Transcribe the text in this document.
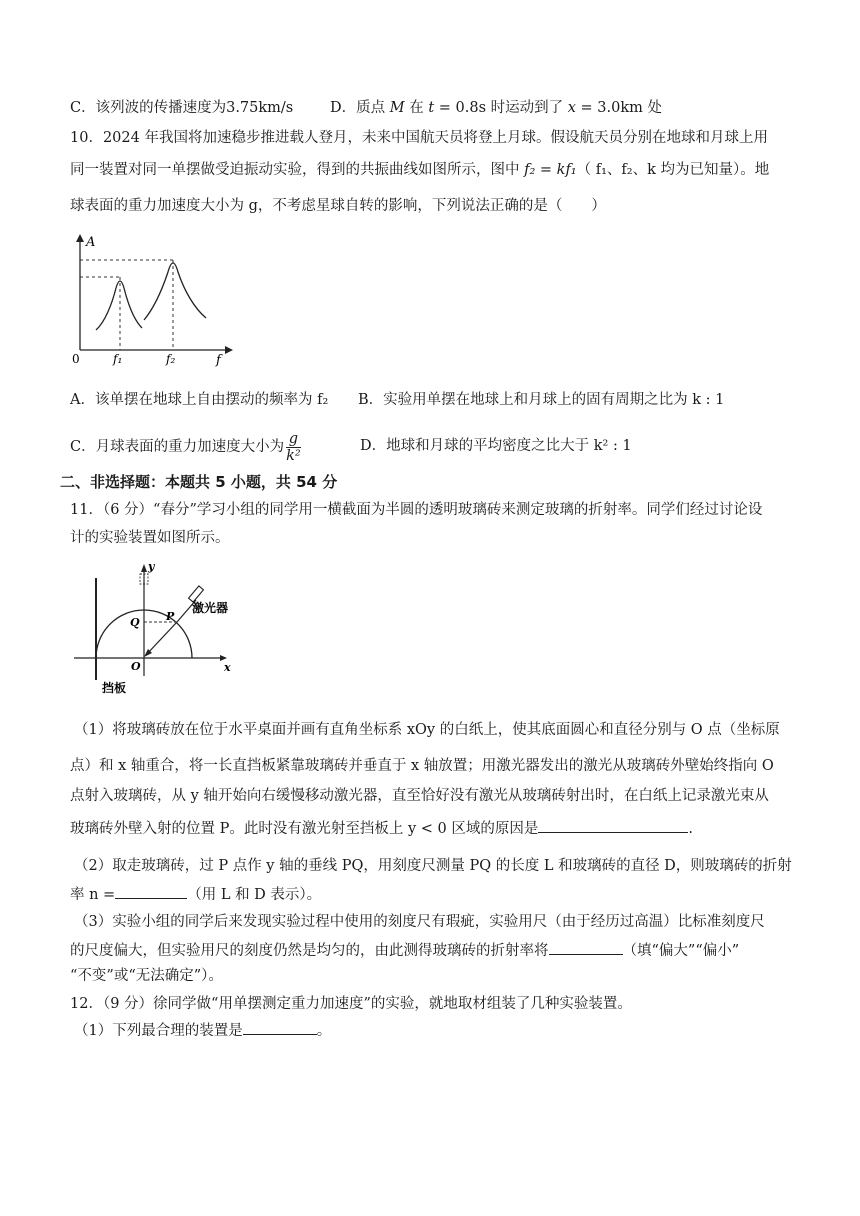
C．该列波的传播速度为3.75km/s	D．质点 M 在 t = 0.8s 时运动到了 x = 3.0km 处
10．2024 年我国将加速稳步推进载人登月，未来中国航天员将登上月球。假设航天员分别在地球和月球上用
同一装置对同一单摆做受迫振动实验，得到的共振曲线如图所示，图中 f₂ = kf₁（ f₁、f₂、k 均为已知量）。地
球表面的重力加速度大小为 g，不考虑星球自转的影响，下列说法正确的是（　　）
A
f
0	f₁	f₂
A．该单摆在地球上自由摆动的频率为 f₂ B．实验用单摆在地球上和月球上的固有周期之比为 k : 1
C．月球表面的重力加速度大小为 $\frac{g}{\text{k²}}$	D．地球和月球的平均密度之比大于 k² : 1
二、非选择题：本题共 5 小题，共 54 分
11．（6 分）“春分”学习小组的同学用一横截面为半圆的透明玻璃砖来测定玻璃的折射率。同学们经过讨论设
计的实验装置如图所示。
y
x
O
P
Q
激光器
挡板
（1）将玻璃砖放在位于水平桌面并画有直角坐标系 xOy 的白纸上，使其底面圆心和直径分别与 O 点（坐标原
点）和 x 轴重合，将一长直挡板紧靠玻璃砖并垂直于 x 轴放置；用激光器发出的激光从玻璃砖外壁始终指向 O
点射入玻璃砖，从 y 轴开始向右缓慢移动激光器，直至恰好没有激光从玻璃砖射出时，在白纸上记录激光束从
玻璃砖外壁入射的位置 P。此时没有激光射至挡板上 y < 0 区域的原因是	.
（2）取走玻璃砖，过 P 点作 y 轴的垂线 PQ，用刻度尺测量 PQ 的长度 L 和玻璃砖的直径 D，则玻璃砖的折射
率 n =	（用 L 和 D 表示）。
（3）实验小组的同学后来发现实验过程中使用的刻度尺有瑕疵，实验用尺（由于经历过高温）比标准刻度尺
的尺度偏大，但实验用尺的刻度仍然是均匀的，由此测得玻璃砖的折射率将	（填“偏大”“偏小”
“不变”或“无法确定”）。
12．（9 分）徐同学做“用单摆测定重力加速度”的实验，就地取材组装了几种实验装置。
（1）下列最合理的装置是	。
